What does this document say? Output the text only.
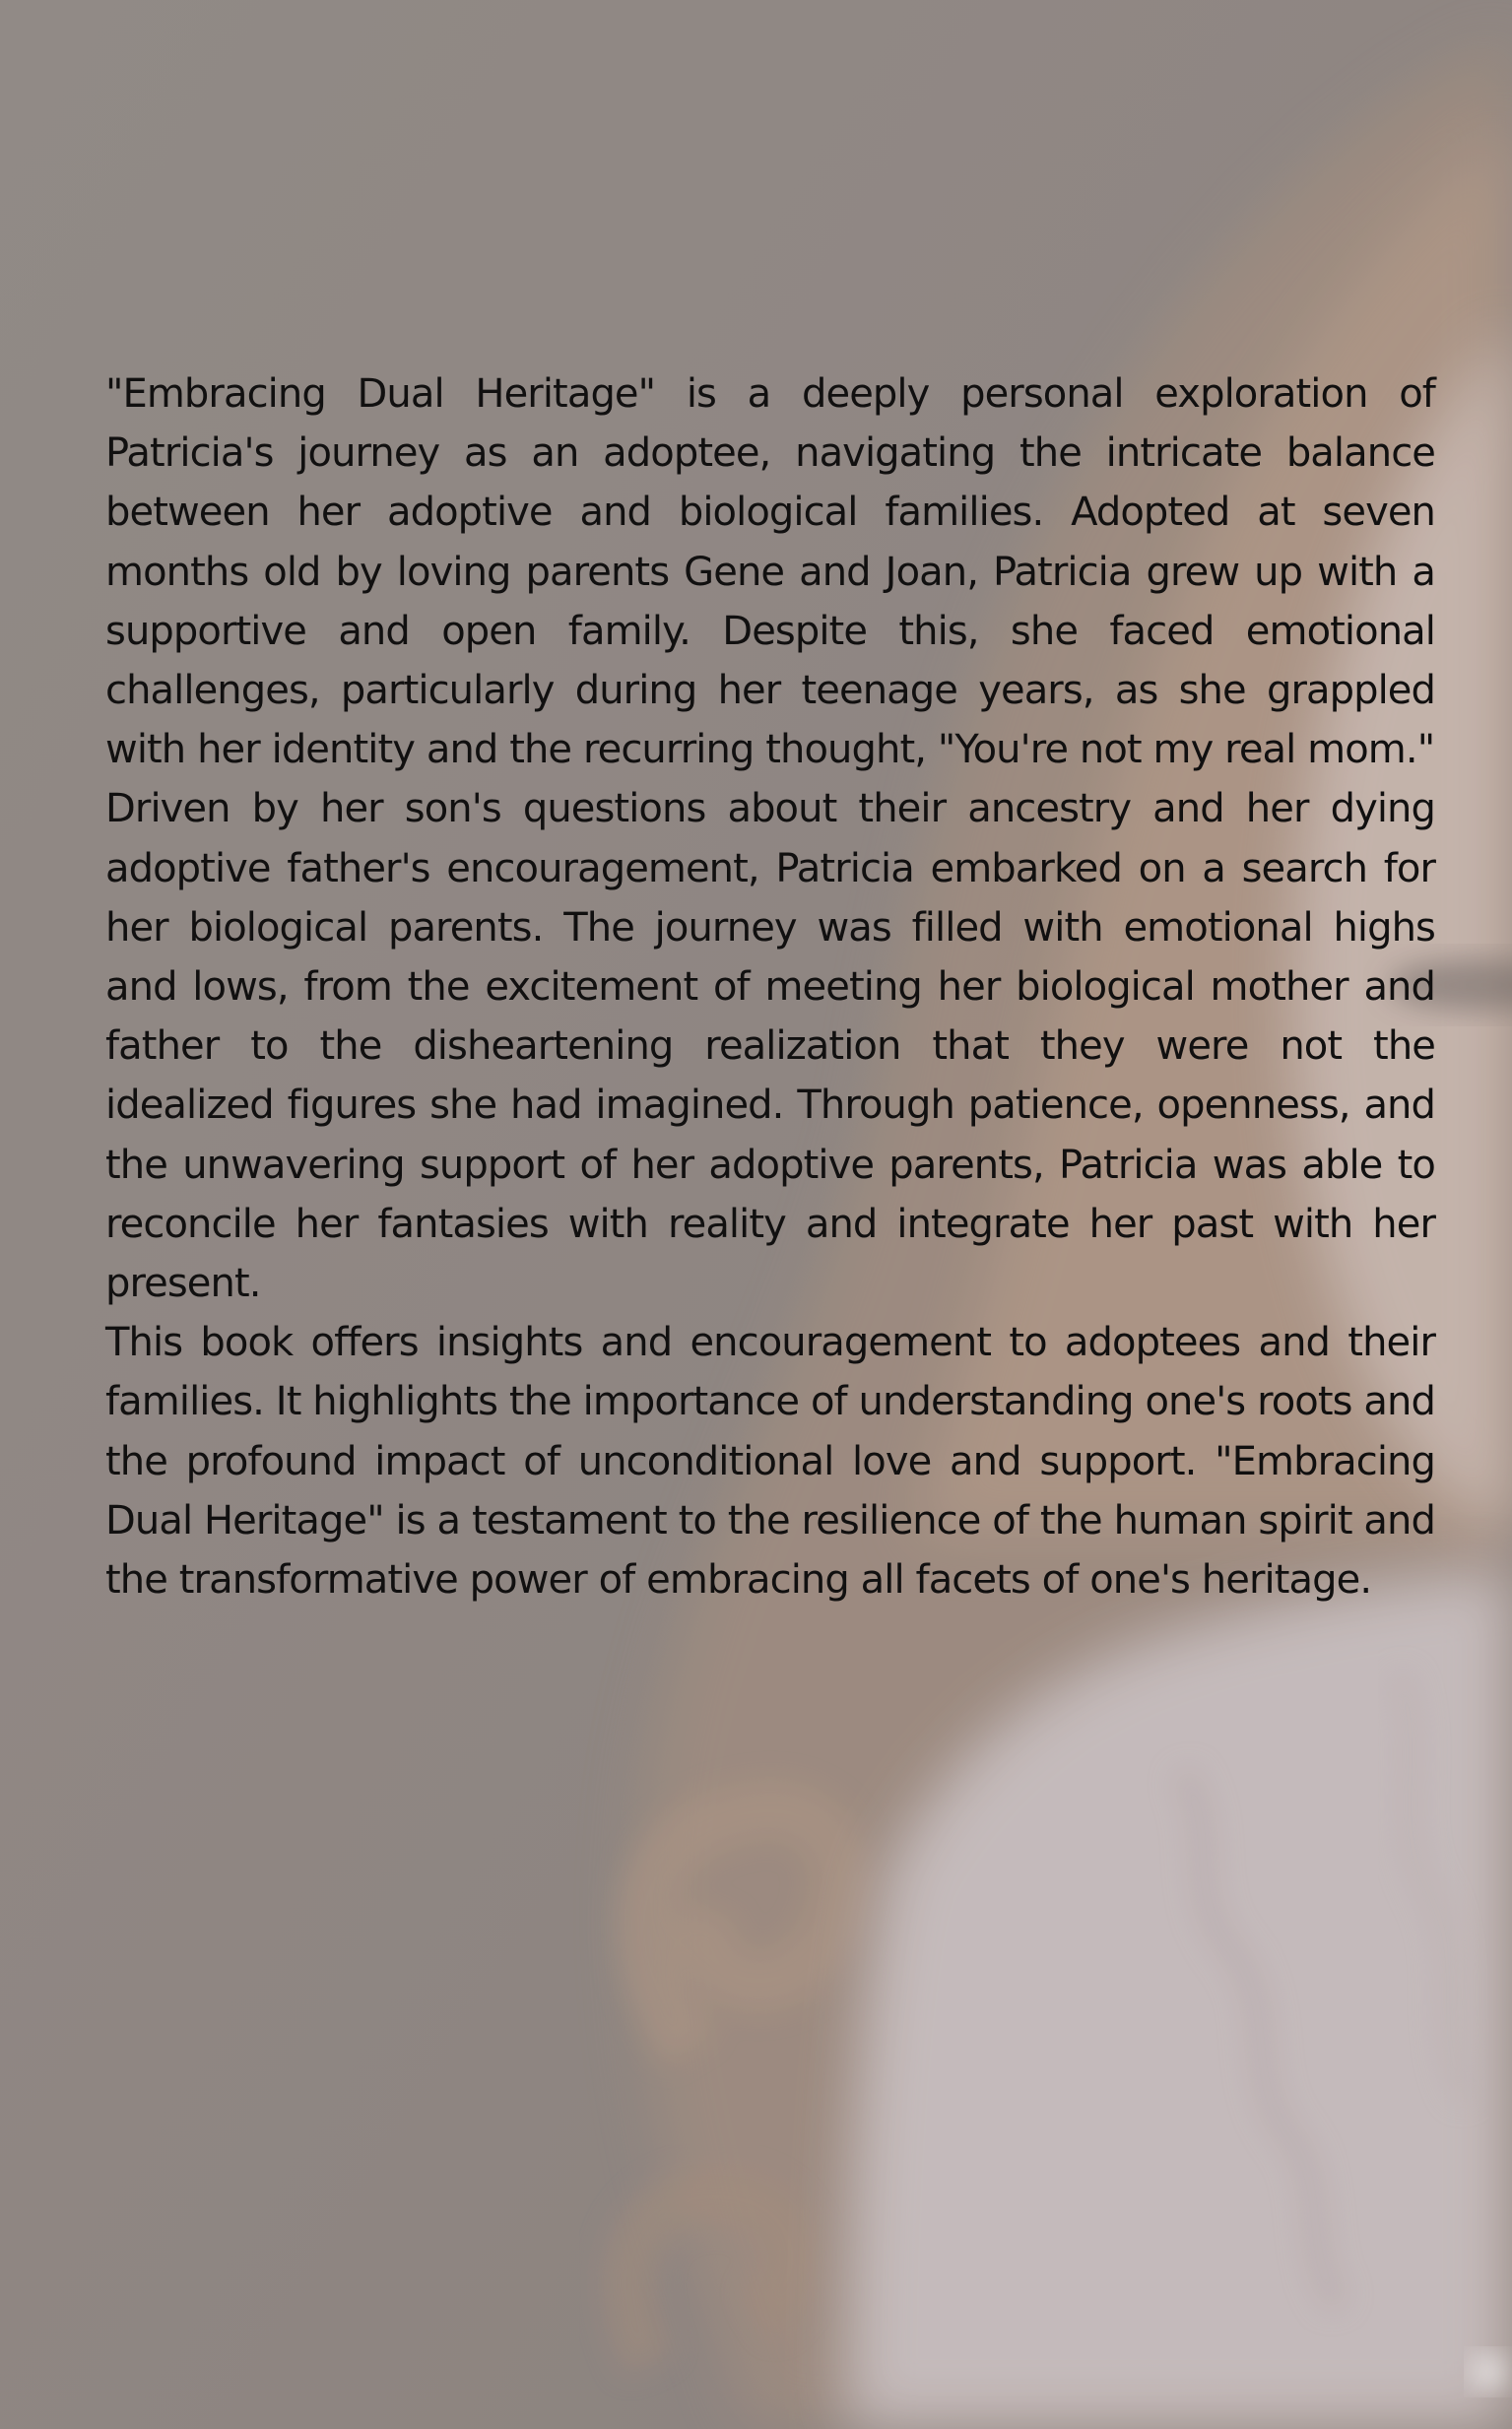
"Embracing Dual Heritage" is a deeply personal exploration of Patricia's journey as an adoptee, navigating the intricate balance between her adoptive and biological families. Adopted at seven months old by loving parents Gene and Joan, Patricia grew up with a supportive and open family. Despite this, she faced emotional challenges, particularly during her teenage years, as she grappled with her identity and the recurring thought, "You're not my real mom."

Driven by her son's questions about their ancestry and her dying adoptive father's encouragement, Patricia embarked on a search for her biological parents. The journey was filled with emotional highs and lows, from the excitement of meeting her biological mother and father to the disheartening realization that they were not the idealized figures she had imagined. Through patience, openness, and the unwavering support of her adoptive parents, Patricia was able to reconcile her fantasies with reality and integrate her past with her present.

This book offers insights and encouragement to adoptees and their families. It highlights the importance of understanding one's roots and the profound impact of unconditional love and support. "Embracing Dual Heritage" is a testament to the resilience of the human spirit and the transformative power of embracing all facets of one's heritage.
